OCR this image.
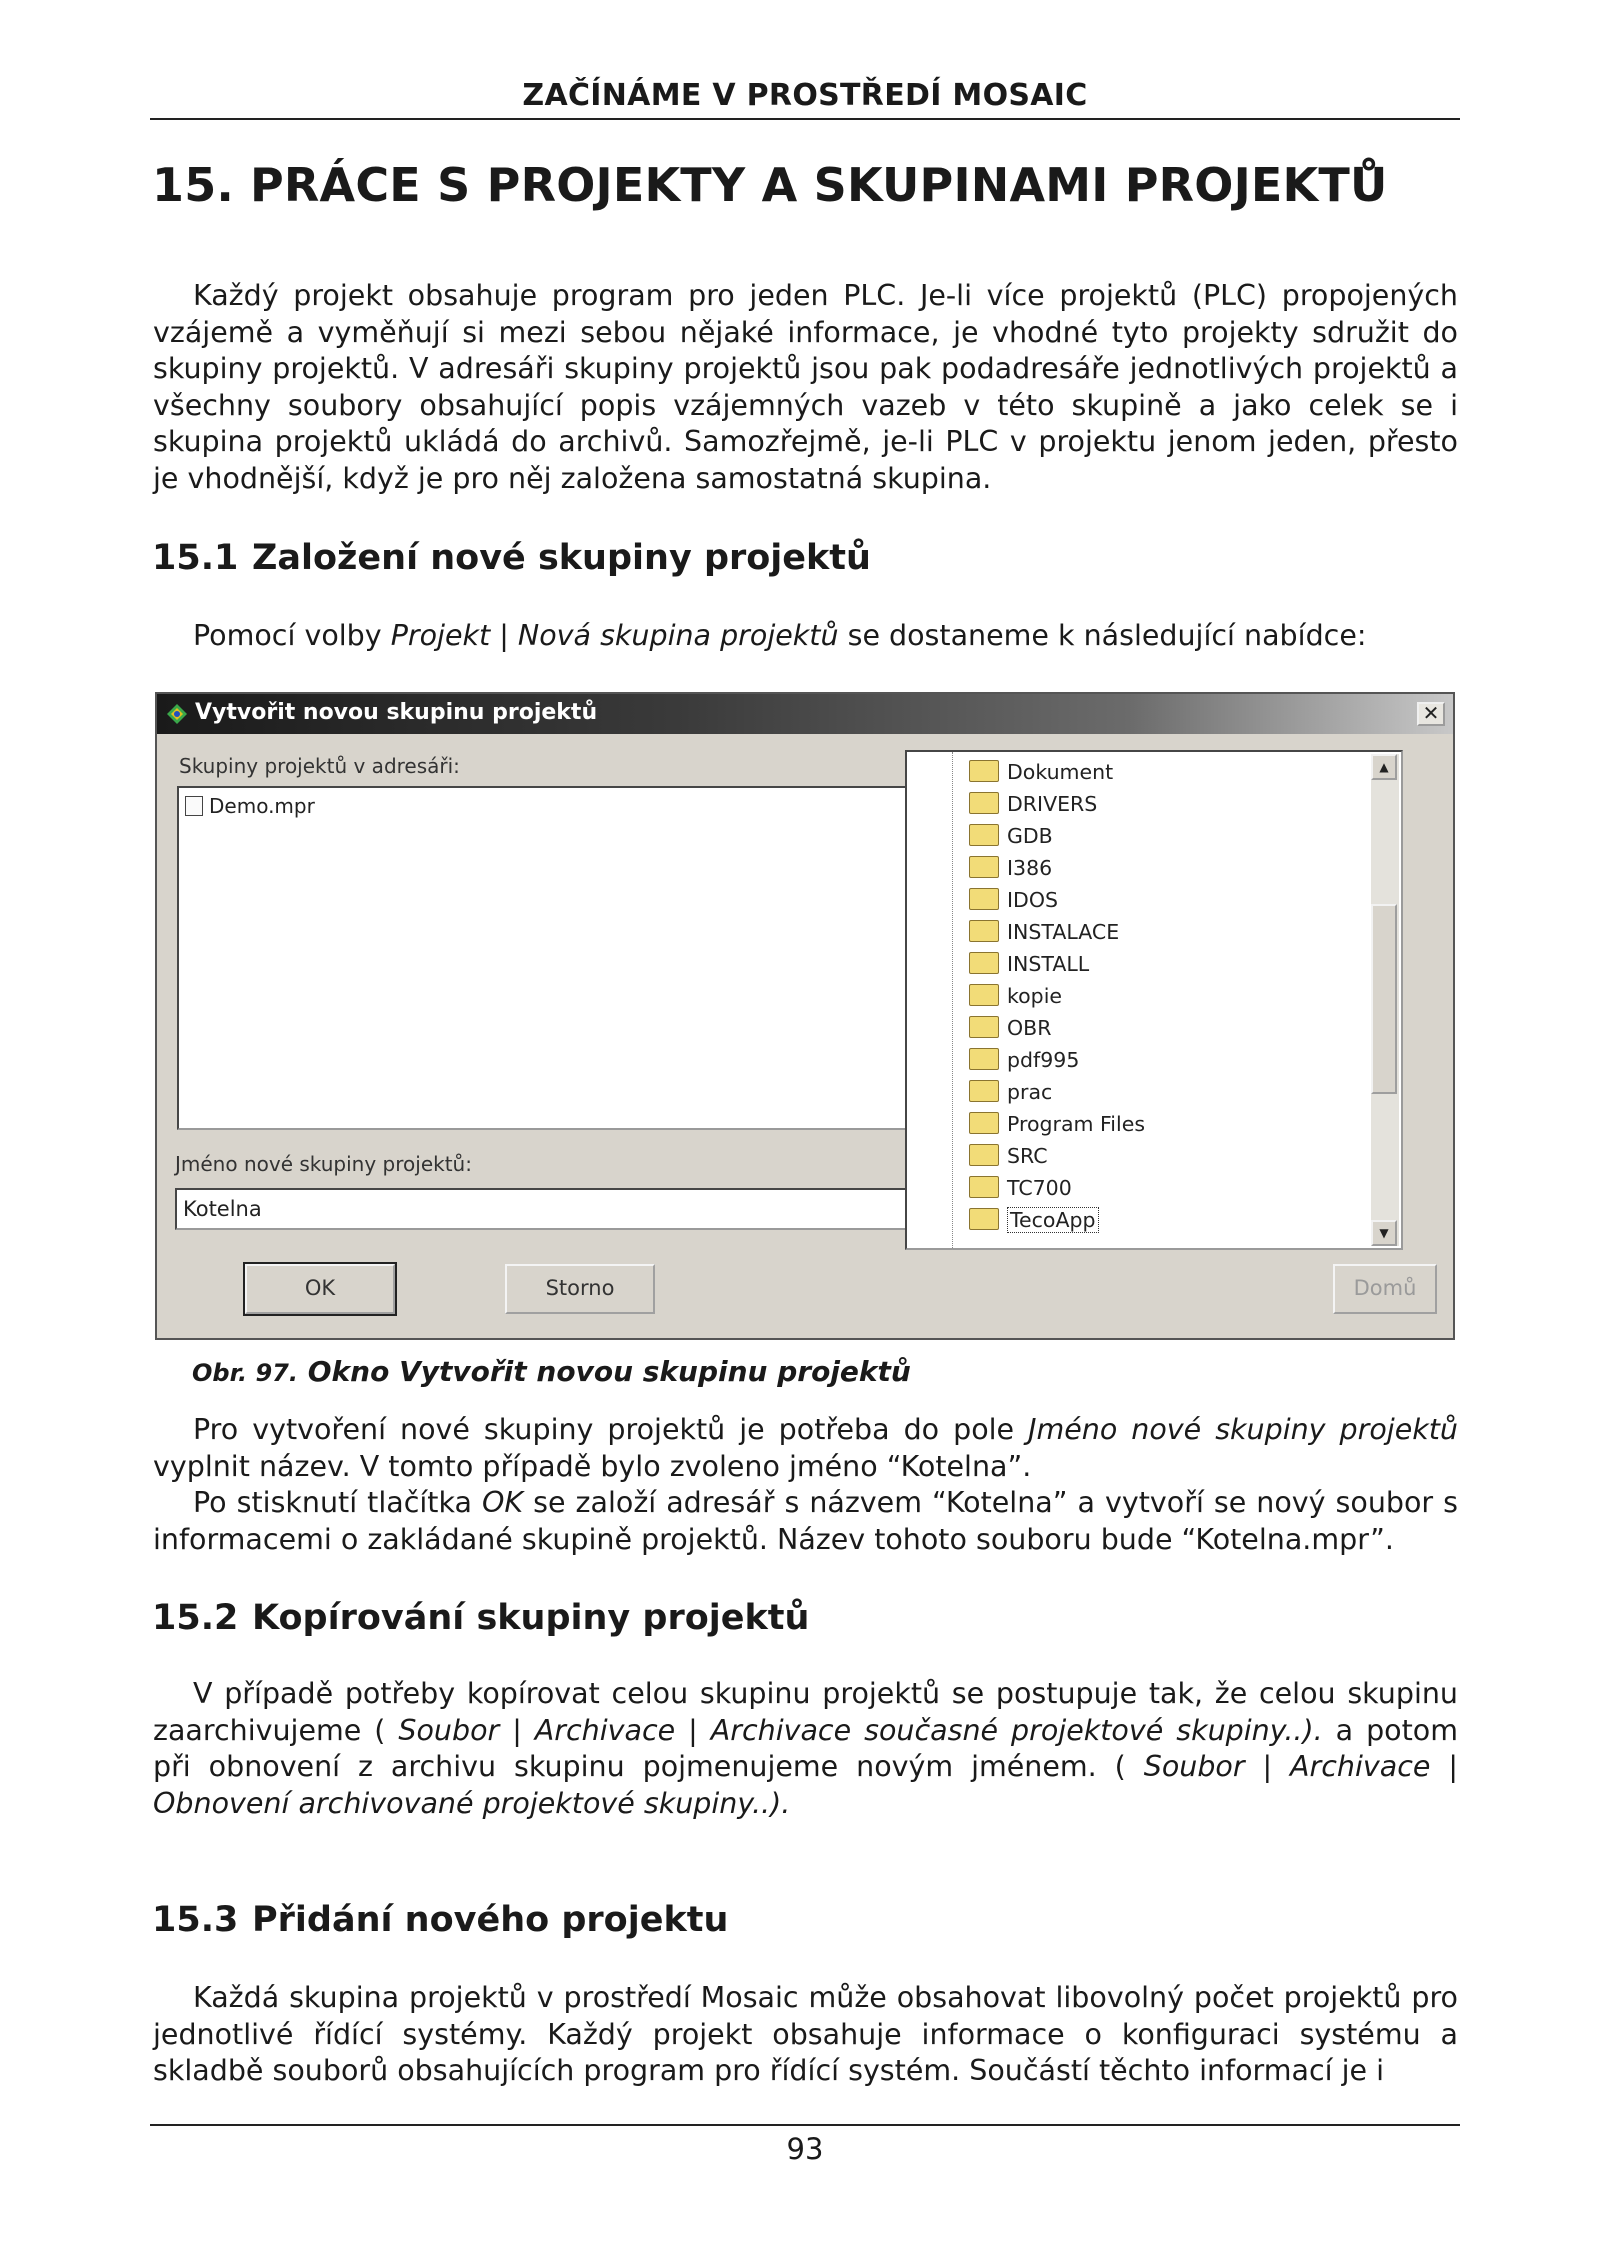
ZAČÍNÁME V PROSTŘEDÍ MOSAIC
15. PRÁCE S PROJEKTY A SKUPINAMI PROJEKTŮ

Každý projekt obsahuje program pro jeden PLC. Je-li více projektů (PLC) propojených vzájemě a vyměňují si mezi sebou nějaké informace, je vhodné tyto projekty sdružit do skupiny projektů. V adresáři skupiny projektů jsou pak podadresáře jednotlivých projektů a všechny soubory obsahující popis vzájemných vazeb v této skupině a jako celek se i skupina projektů ukládá do archivů. Samozřejmě, je-li PLC v projektu jenom jeden, přesto je vhodnější, když je pro něj založena samostatná skupina.

15.1 Založení nové skupiny projektů

Pomocí volby Projekt | Nová skupina projektů se dostaneme k následující nabídce:

Vytvořit novou skupinu projektů	✕
Skupiny projektů v adresáři:
Demo.mpr
Jméno nové skupiny projektů:
Kotelna
Dokument
DRIVERS
GDB
I386
IDOS
INSTALACE
INSTALL
kopie
OBR
pdf995
prac
Program Files
SRC
TC700
TecoApp
▲
▼
OK	Storno	Domů
Obr. 97. Okno Vytvořit novou skupinu projektů

Pro vytvoření nové skupiny projektů je potřeba do pole Jméno nové skupiny projektů vyplnit název. V tomto případě bylo zvoleno jméno “Kotelna”.

Po stisknutí tlačítka OK se založí adresář s názvem “Kotelna” a vytvoří se nový soubor s informacemi o zakládané skupině projektů. Název tohoto souboru bude “Kotelna.mpr”.

15.2 Kopírování skupiny projektů

V případě potřeby kopírovat celou skupinu projektů se postupuje tak, že celou skupinu zaarchivujeme ( Soubor | Archivace | Archivace současné projektové skupiny..). a potom při obnovení z archivu skupinu pojmenujeme novým jménem. ( Soubor | Archivace | Obnovení archivované projektové skupiny..).

15.3 Přidání nového projektu

Každá skupina projektů v prostředí Mosaic může obsahovat libovolný počet projektů pro jednotlivé řídící systémy. Každý projekt obsahuje informace o konfiguraci systému a skladbě souborů obsahujících program pro řídící systém. Součástí těchto informací je i

93
